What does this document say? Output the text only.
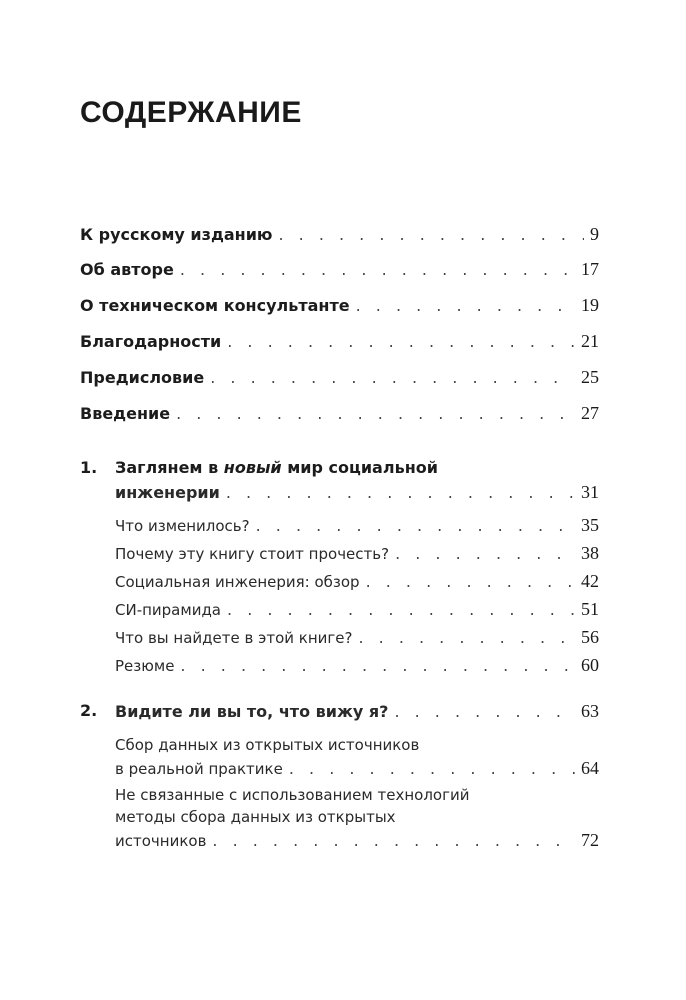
СОДЕРЖАНИЕ
К русскому изданию . . .	9
Об авторе . . .	17
О техническом консультанте . . .	19
Благодарности . . .	21
Предисловие . . .	25
Введение . . .	27
1. Заглянем в новый мир социальной
инженерии . . .	31
Что изменилось? . . .	35
Почему эту книгу стоит прочесть? . . .	38
Социальная инженерия: обзор . . .	42
СИ-пирамида . . .	51
Что вы найдете в этой книге? . . .	56
Резюме . . .	60
2. Видите ли вы то, что вижу я? . . .	63
Сбор данных из открытых источников
в реальной практике . . .	64
Не связанные с использованием технологий
методы сбора данных из открытых
источников . . .	72
